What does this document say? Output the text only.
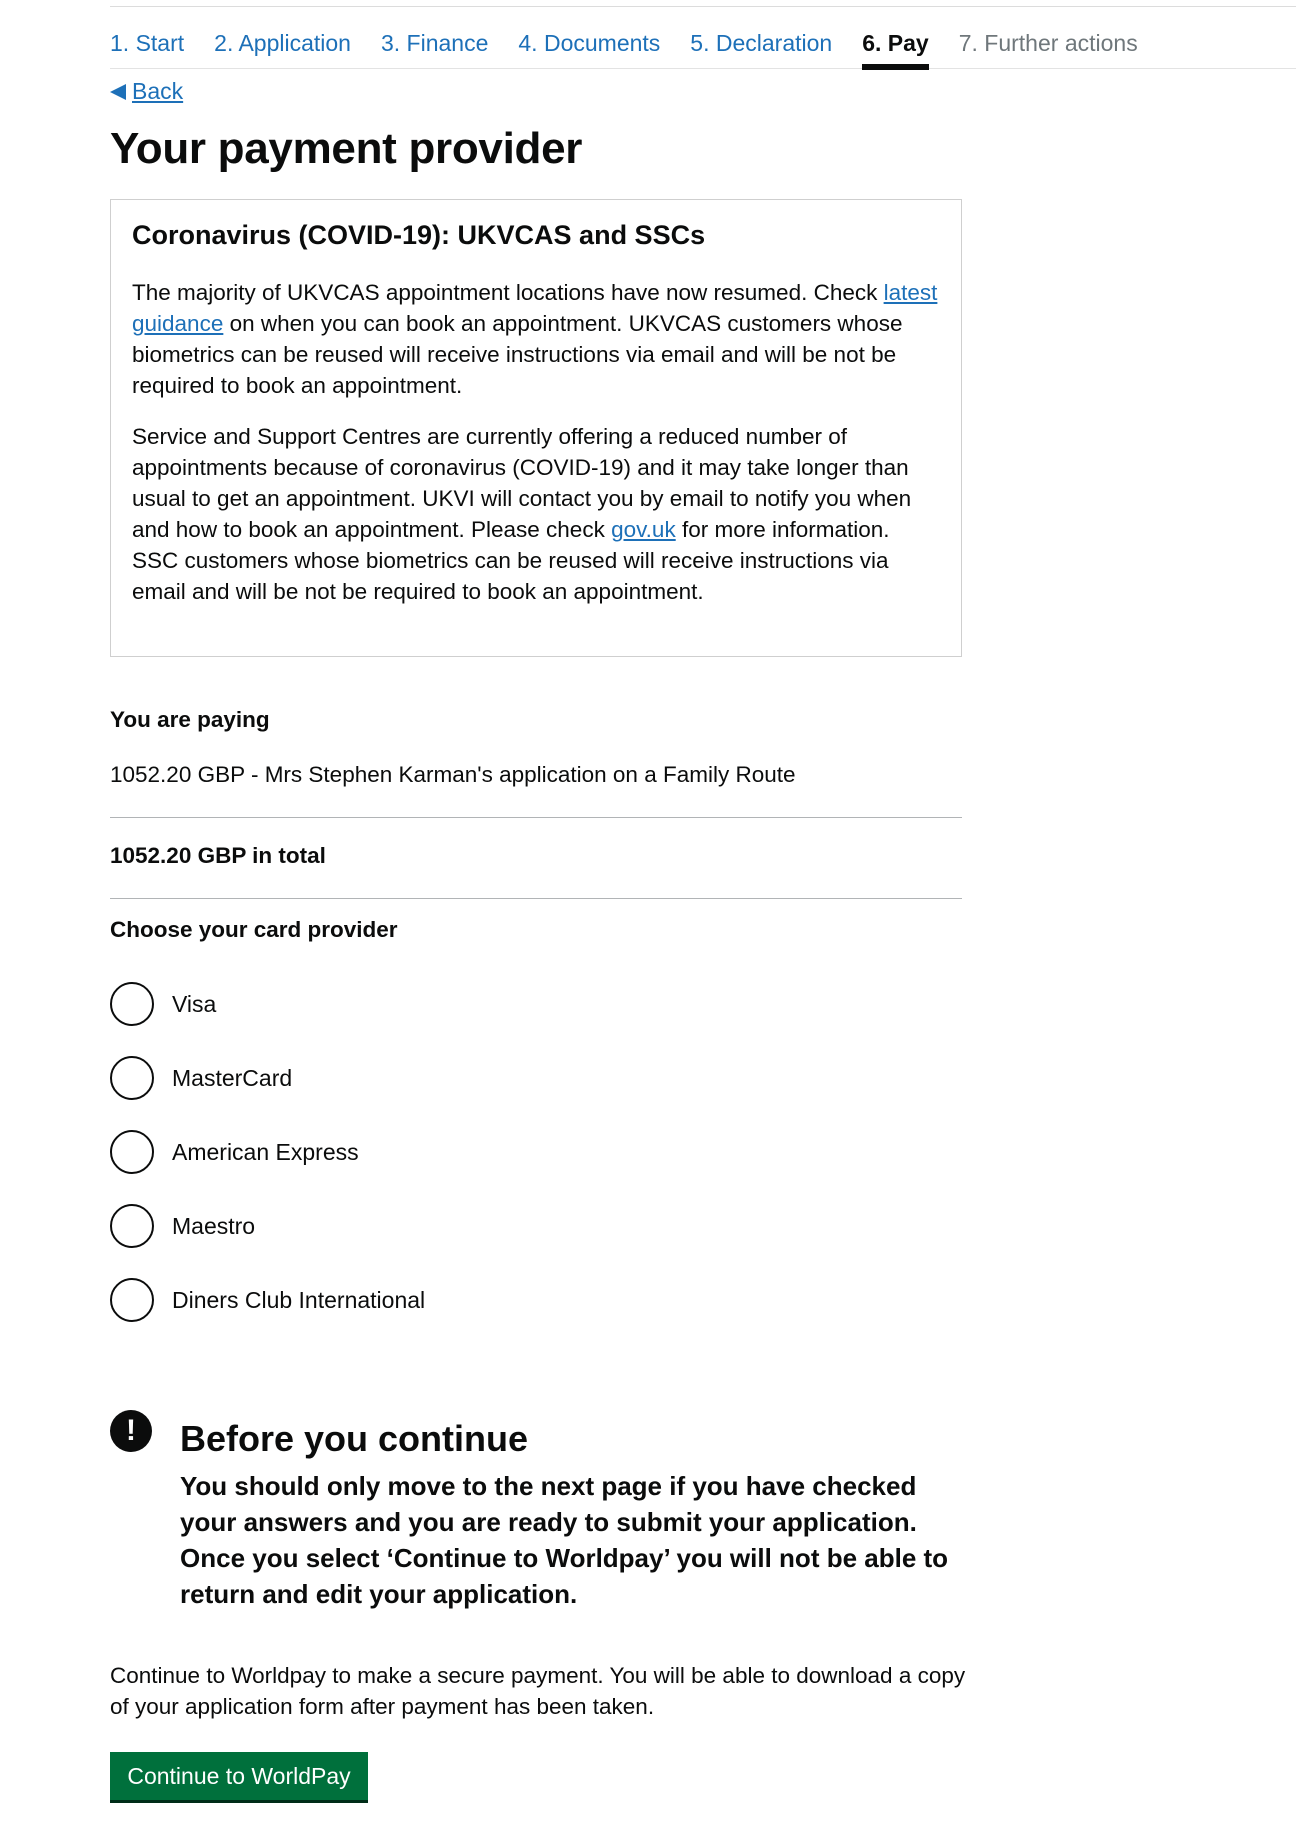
1. Start 2. Application 3. Finance 4. Documents 5. Declaration 6. Pay 7. Further actions
Back
Your payment provider
Coronavirus (COVID-19): UKVCAS and SSCs

The majority of UKVCAS appointment locations have now resumed. Check latest guidance on when you can book an appointment. UKVCAS customers whose biometrics can be reused will receive instructions via email and will be not be required to book an appointment.

Service and Support Centres are currently offering a reduced number of appointments because of coronavirus (COVID-19) and it may take longer than usual to get an appointment. UKVI will contact you by email to notify you when and how to book an appointment. Please check gov.uk for more information. SSC customers whose biometrics can be reused will receive instructions via email and will be not be required to book an appointment.

You are paying
1052.20 GBP - Mrs Stephen Karman's application on a Family Route
1052.20 GBP in total
Choose your card provider
Visa
MasterCard
American Express
Maestro
Diners Club International
!	Before you continue
You should only move to the next page if you have checked your answers and you are ready to submit your application. Once you select ‘Continue to Worldpay’ you will not be able to return and edit your application.
Continue to Worldpay to make a secure payment. You will be able to download a copy of your application form after payment has been taken.
Continue to WorldPay
